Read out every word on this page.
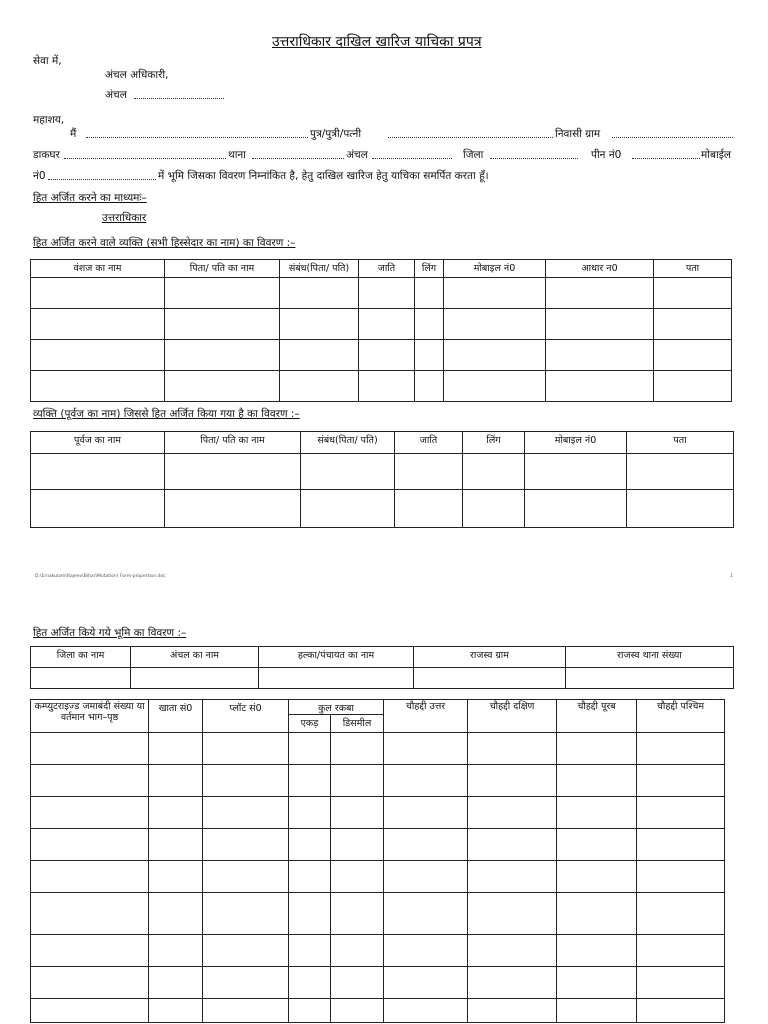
उत्तराधिकार दाखिल खारिज याचिका प्रपत्र
सेवा में,
अंचल अधिकारी,
अंचल
महाशय,
मैं	पुत्र/पुत्री/पत्नी	निवासी ग्राम
डाकघर	थाना	अंचल	जिला	पीन नं0	मोबाईल
नं0	में भूमि जिसका विवरण निम्नांकित है, हेतु दाखिल खारिज हेतु याचिका समर्पित करता हूँ।
हित अर्जित करने का माध्यमः–
उत्तराधिकार
हित अर्जित करने वाले व्यक्ति (सभी हिस्सेदार का नाम) का विवरण :–
वंशज का नाम	पिता/ पति का नाम	संबंध(पिता/ पति)	जाति	लिंग	मोबाइल नं0	आधार न0	पता

व्यक्ति (पूर्वज का नाम) जिससे हित अर्जित किया गया है का विवरण :–
पूर्वज का नाम	पिता/ पति का नाम	संबंध(पिता/ पति)	जाति	लिंग	मोबाइल नं0	पता

D:\Ernakulam\Rajeev\Bihar\Mutation\ Form-propertion.doc	1
हित अर्जित किये गये भूमि का विवरण :–
जिला का नाम	अंचल का नाम	हल्का/पंचायत का नाम	राजस्व ग्राम	राजस्व थाना संख्या

कम्प्युटराइज्ड जमाबंदी संख्या या वर्तमान भाग–पृष्ठ	खाता सं0	प्लॉट सं0	कुल रकबा		चौहद्दी उत्तर	चौहद्दी दक्षिण	चौहद्दी पूरब	चौहद्दी पश्चिम
			एकड़	डिसमील				
